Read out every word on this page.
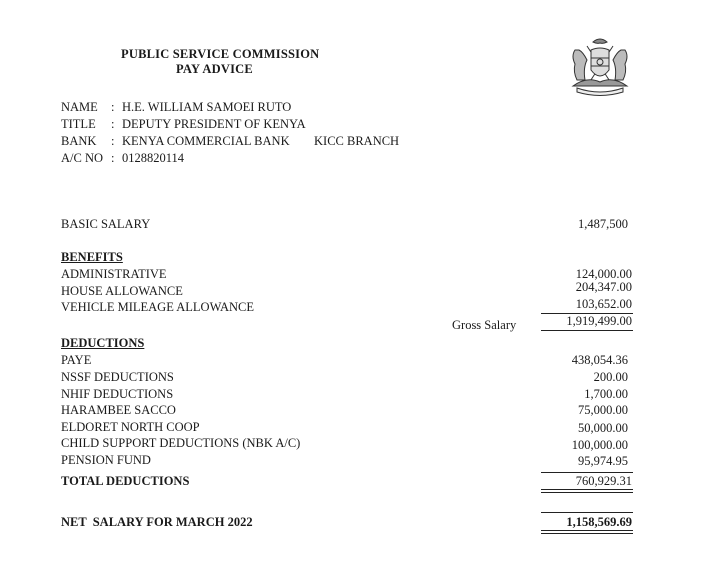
PUBLIC SERVICE COMMISSION
PAY ADVICE
NAME : H.E. WILLIAM SAMOEI RUTO
TITLE : DEPUTY PRESIDENT OF KENYA
BANK : KENYA COMMERCIAL BANK KICC BRANCH
A/C NO : 0128820114
BASIC SALARY	1,487,500
BENEFITS
ADMINISTRATIVE	124,000.00
HOUSE ALLOWANCE	204,347.00
VEHICLE MILEAGE ALLOWANCE	103,652.00
Gross Salary	1,919,499.00
DEDUCTIONS
PAYE	438,054.36
NSSF DEDUCTIONS	200.00
NHIF DEDUCTIONS	1,700.00
HARAMBEE SACCO	75,000.00
ELDORET NORTH COOP	50,000.00
CHILD SUPPORT DEDUCTIONS (NBK A/C)	100,000.00
PENSION FUND	95,974.95
TOTAL DEDUCTIONS	760,929.31
NET  SALARY FOR MARCH 2022	1,158,569.69
